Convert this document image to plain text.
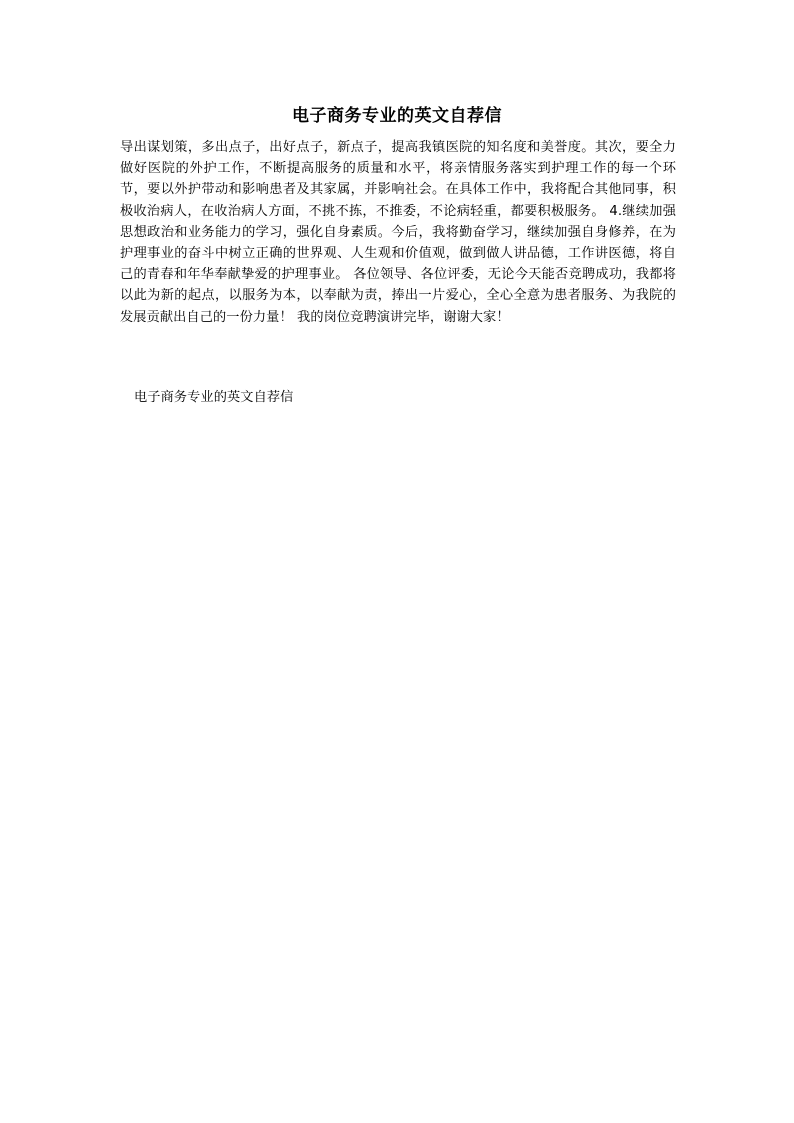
电子商务专业的英文自荐信
导出谋划策，多出点子，出好点子，新点子，提高我镇医院的知名度和美誉度。其次，要全力做好医院的外护工作，不断提高服务的质量和水平，将亲情服务落实到护理工作的每一个环节，要以外护带动和影响患者及其家属，并影响社会。在具体工作中，我将配合其他同事，积极收治病人，在收治病人方面，不挑不拣，不推委，不论病轻重，都要积极服务。 4.继续加强思想政治和业务能力的学习，强化自身素质。今后，我将勤奋学习，继续加强自身修养，在为护理事业的奋斗中树立正确的世界观、人生观和价值观，做到做人讲品德，工作讲医德，将自己的青春和年华奉献挚爱的护理事业。 各位领导、各位评委，无论今天能否竞聘成功，我都将以此为新的起点，以服务为本，以奉献为责，捧出一片爱心，全心全意为患者服务、为我院的发展贡献出自己的一份力量！ 我的岗位竞聘演讲完毕，谢谢大家！
电子商务专业的英文自荐信
